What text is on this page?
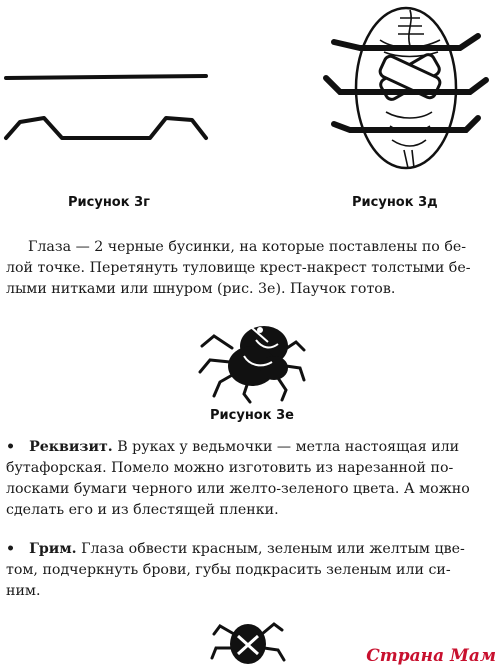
Рисунок 3г	Рисунок 3д
Глаза — 2 черные бусинки, на которые поставлены по бе-
лой точке. Перетянуть туловище крест-накрест толстыми бе-
лыми нитками или шнуром (рис. 3е). Паучок готов.
Рисунок 3е
• Реквизит. В руках у ведьмочки — метла настоящая или
бутафорская. Помело можно изготовить из нарезанной по-
лосками бумаги черного или желто-зеленого цвета. А можно
сделать его и из блестящей пленки.
• Грим. Глаза обвести красным, зеленым или желтым цве-
том, подчеркнуть брови, губы подкрасить зеленым или си-
ним.
Страна Мам
